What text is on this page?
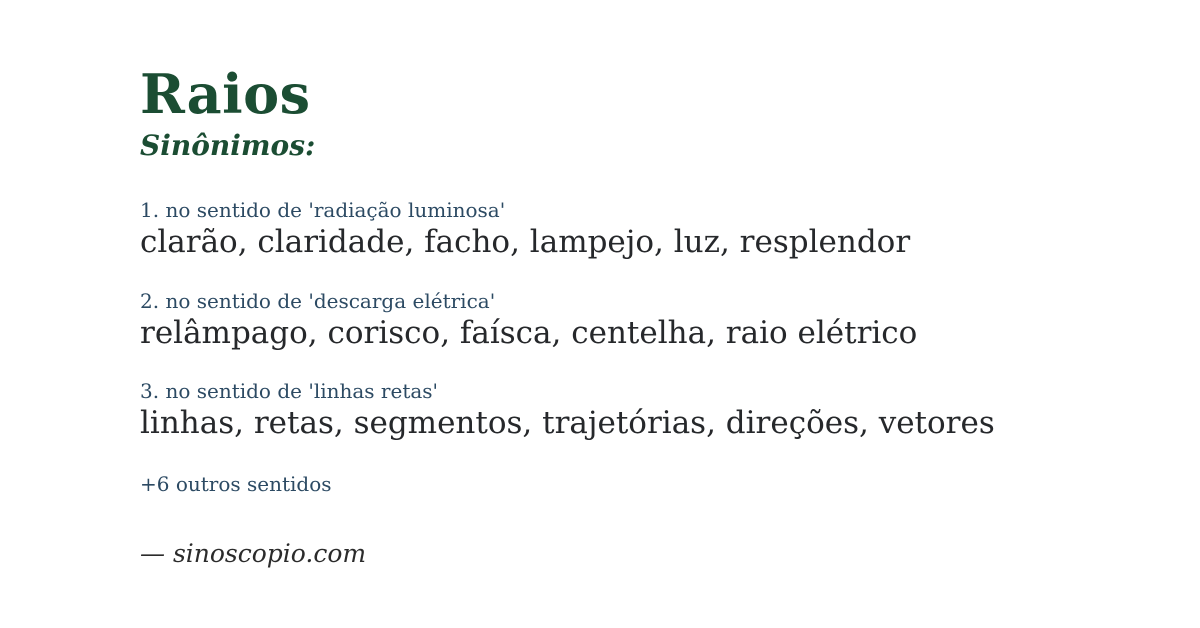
Raios
Sinônimos:
1. no sentido de 'radiação luminosa'
clarão, claridade, facho, lampejo, luz, resplendor
2. no sentido de 'descarga elétrica'
relâmpago, corisco, faísca, centelha, raio elétrico
3. no sentido de 'linhas retas'
linhas, retas, segmentos, trajetórias, direções, vetores
+6 outros sentidos
— sinoscopio.com
